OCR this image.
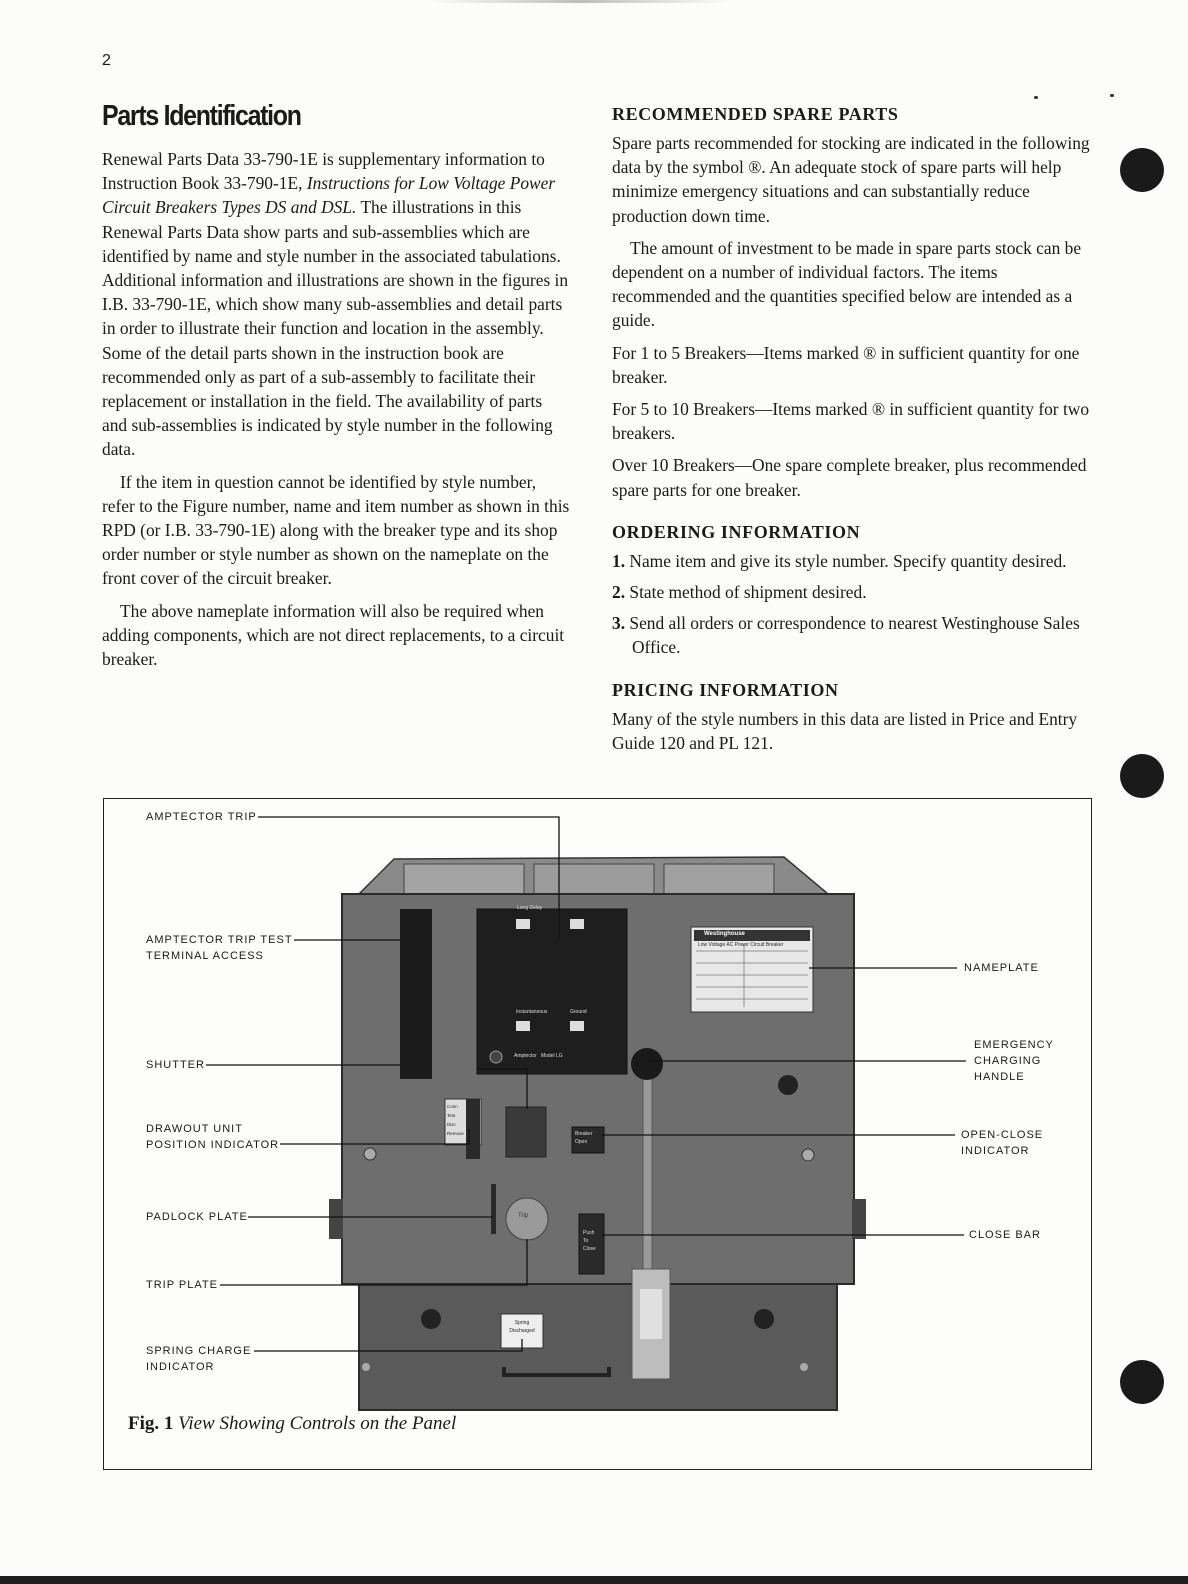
2
Parts Identification

Renewal Parts Data 33-790-1E is supplementary information to Instruction Book 33-790-1E, Instructions for Low Voltage Power Circuit Breakers Types DS and DSL. The illustrations in this Renewal Parts Data show parts and sub-assemblies which are identified by name and style number in the associated tabulations. Additional information and illustrations are shown in the figures in I.B. 33-790-1E, which show many sub-assemblies and detail parts in order to illustrate their function and location in the assembly. Some of the detail parts shown in the instruction book are recommended only as part of a sub-assembly to facilitate their replacement or installation in the field. The availability of parts and sub-assemblies is indicated by style number in the following data.

If the item in question cannot be identified by style number, refer to the Figure number, name and item number as shown in this RPD (or I.B. 33-790-1E) along with the breaker type and its shop order number or style number as shown on the nameplate on the front cover of the circuit breaker.

The above nameplate information will also be required when adding components, which are not direct replacements, to a circuit breaker.

RECOMMENDED SPARE PARTS

Spare parts recommended for stocking are indicated in the following data by the symbol ®. An adequate stock of spare parts will help minimize emergency situations and can substantially reduce production down time.

The amount of investment to be made in spare parts stock can be dependent on a number of individual factors. The items recommended and the quantities specified below are intended as a guide.

For 1 to 5 Breakers—Items marked ® in sufficient quantity for one breaker.

For 5 to 10 Breakers—Items marked ® in sufficient quantity for two breakers.

Over 10 Breakers—One spare complete breaker, plus recommended spare parts for one breaker.

ORDERING INFORMATION
1. Name item and give its style number. Specify quantity desired.
2. State method of shipment desired.
3. Send all orders or correspondence to nearest Westinghouse Sales Office.
PRICING INFORMATION

Many of the style numbers in this data are listed in Price and Entry Guide 120 and PL 121.

Long Delay
Instantaneous	Ground
Amptector   Model LG
Westinghouse
Low Voltage AC Power Circuit Breaker
Conn
Test
Disc
Remove	Breaker
Open
Trip
Push
To
Close
Spring
Discharged
AMPTECTOR TRIP
AMPTECTOR TRIP TEST
TERMINAL ACCESS
SHUTTER
DRAWOUT UNIT
POSITION INDICATOR
PADLOCK PLATE
TRIP PLATE
SPRING CHARGE
INDICATOR
NAMEPLATE
EMERGENCY
CHARGING
HANDLE
OPEN-CLOSE
INDICATOR
CLOSE BAR
Fig. 1 View Showing Controls on the Panel
